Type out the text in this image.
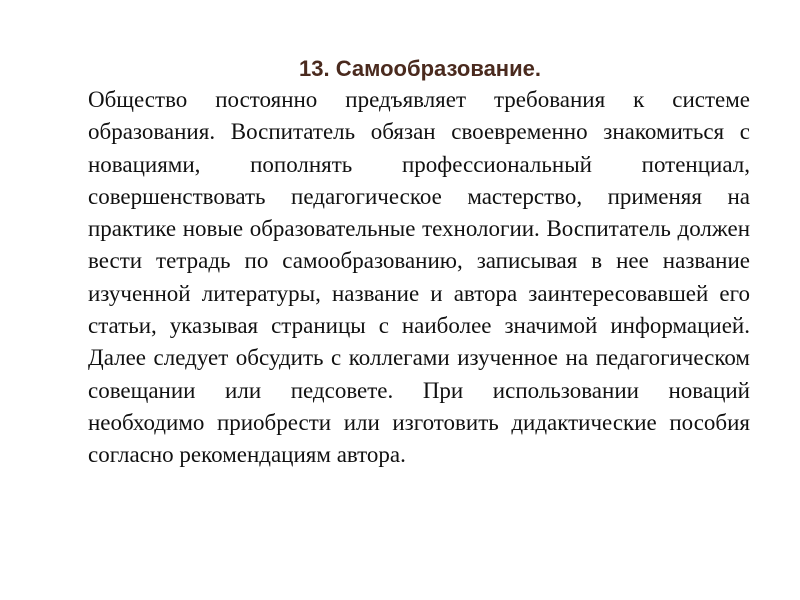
13. Самообразование.

Общество постоянно предъявляет требования к системе образования. Воспитатель обязан своевременно знакомиться с новациями, пополнять профессиональный потенциал, совершенствовать педагогическое мастерство, применяя на практике новые образовательные технологии. Воспитатель должен вести тетрадь по самообразованию, записывая в нее название изученной литературы, название и автора заинтересовавшей его статьи, указывая страницы с наиболее значимой информацией. Далее следует обсудить с коллегами изученное на педагогическом совещании или педсовете. При использовании новаций необходимо приобрести или изготовить дидактические пособия согласно рекомендациям автора.
